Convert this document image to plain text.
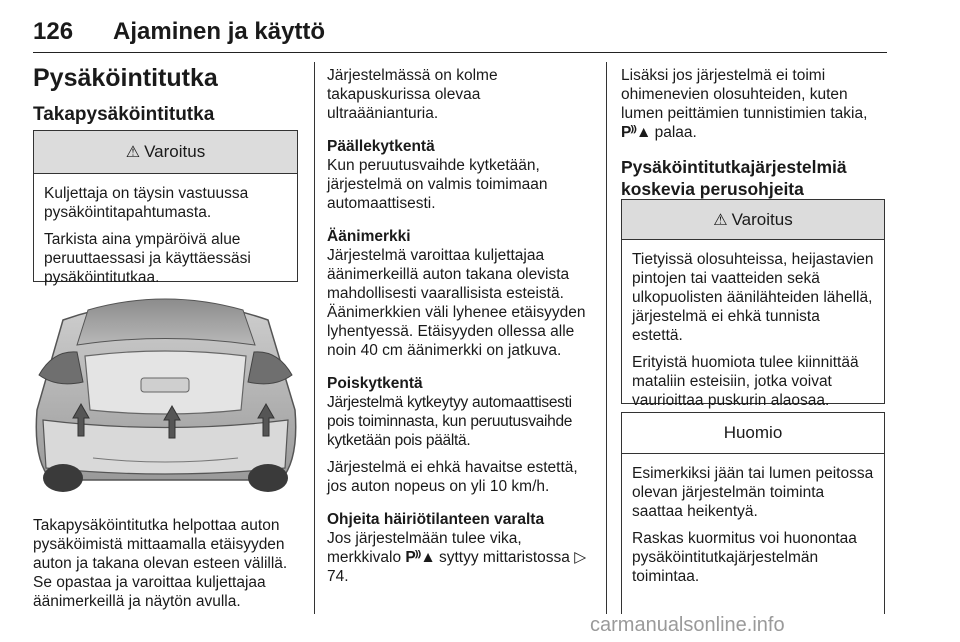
126 Ajaminen ja käyttö
Pysäköintitutka
Takapysäköintitutka
⚠ Varoitus

Kuljettaja on täysin vastuussa pysäköintitapahtumasta.

Tarkista aina ympäröivä alue peruuttaessasi ja käyttäessäsi pysäköintitutkaa.

Takapysäköintitutka helpottaa auton pysäköimistä mittaamalla etäisyyden auton ja takana olevan esteen välillä. Se opastaa ja varoittaa kuljettajaa äänimerkeillä ja näytön avulla.
Järjestelmässä on kolme takapuskurissa olevaa ultraäänianturia.
Päällekytkentä
Kun peruutusvaihde kytketään, järjestelmä on valmis toimimaan automaattisesti.
Äänimerkki
Järjestelmä varoittaa kuljettajaa äänimerkeillä auton takana olevista mahdollisesti vaarallisista esteistä. Äänimerkkien väli lyhenee etäisyyden lyhentyessä. Etäisyyden ollessa alle noin 40 cm äänimerkki on jatkuva.
Poiskytkentä
Järjestelmä kytkeytyy automaattisesti pois toiminnasta, kun peruutusvaihde kytketään pois päältä.
Järjestelmä ei ehkä havaitse estettä, jos auton nopeus on yli 10 km/h.
Ohjeita häiriötilanteen varalta
Jos järjestelmään tulee vika, merkkivalo P⁾⁾▲ syttyy mittaristossa ▷ 74.
Lisäksi jos järjestelmä ei toimi ohimenevien olosuhteiden, kuten lumen peittämien tunnistimien takia, P⁾⁾▲ palaa.
Pysäköintitutkajärjestelmiä koskevia perusohjeita
⚠ Varoitus

Tietyissä olosuhteissa, heijastavien pintojen tai vaatteiden sekä ulkopuolisten äänilähteiden lähellä, järjestelmä ei ehkä tunnista estettä.

Erityistä huomiota tulee kiinnittää mataliin esteisiin, jotka voivat vaurioittaa puskurin alaosaa.

Huomio

Esimerkiksi jään tai lumen peitossa olevan järjestelmän toiminta saattaa heikentyä.

Raskas kuormitus voi huonontaa pysäköintitutkajärjestelmän toimintaa.

carmanualsonline.info
